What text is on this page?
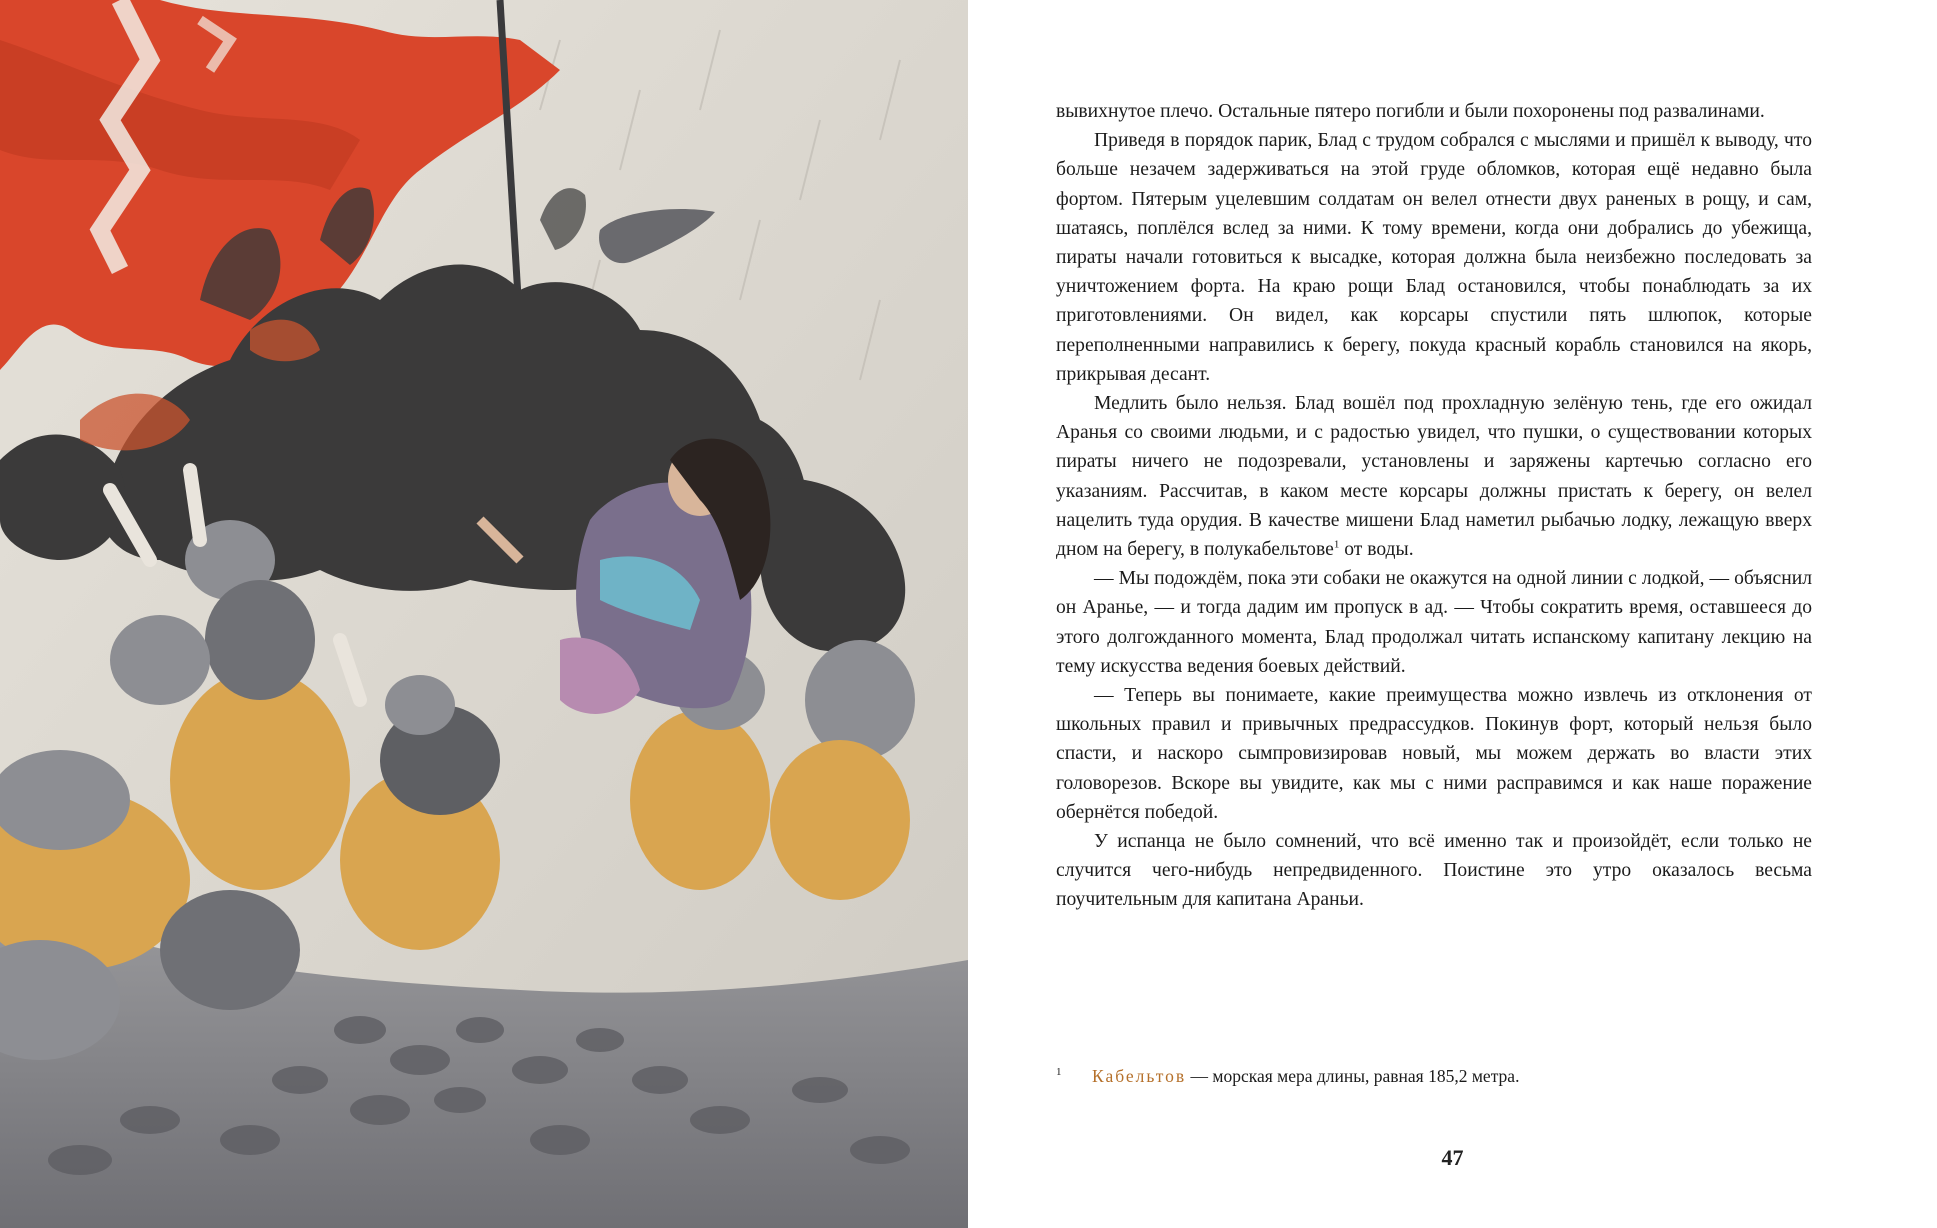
вывихнутое плечо. Остальные пятеро погибли и были похоронены под развалинами.

Приведя в порядок парик, Блад с трудом собрался с мыслями и пришёл к выводу, что больше незачем задерживаться на этой груде обломков, которая ещё недавно была фортом. Пятерым уцелевшим солдатам он велел отнести двух раненых в рощу, и сам, шатаясь, поплёлся вслед за ними. К тому времени, когда они добрались до убежища, пираты начали готовиться к высадке, которая должна была неизбежно последовать за уничтожением форта. На краю рощи Блад остановился, чтобы понаблюдать за их приготовлениями. Он видел, как корсары спустили пять шлюпок, которые переполненными направились к берегу, покуда красный корабль становился на якорь, прикрывая десант.

Медлить было нельзя. Блад вошёл под прохладную зелёную тень, где его ожидал Аранья со своими людьми, и с радостью увидел, что пушки, о существовании которых пираты ничего не подозревали, установлены и заряжены картечью согласно его указаниям. Рассчитав, в каком месте корсары должны пристать к берегу, он велел нацелить туда орудия. В качестве мишени Блад наметил рыбачью лодку, лежащую вверх дном на берегу, в полукабельтове$^1$ от воды.

— Мы подождём, пока эти собаки не окажутся на одной линии с лодкой, — объяснил он Аранье, — и тогда дадим им пропуск в ад. — Чтобы сократить время, оставшееся до этого долгожданного момента, Блад продолжал читать испанскому капитану лекцию на тему искусства ведения боевых действий.

— Теперь вы понимаете, какие преимущества можно извлечь из отклонения от школьных правил и привычных предрассудков. Покинув форт, который нельзя было спасти, и наскоро сымпровизировав новый, мы можем держать во власти этих головорезов. Вскоре вы увидите, как мы с ними расправимся и как наше поражение обернётся победой.

У испанца не было сомнений, что всё именно так и произойдёт, если только не случится чего-нибудь непредвиденного. Поистине это утро оказалось весьма поучительным для капитана Араньи.

1 Кабельтов — морская мера длины, равная 185,2 метра.
47
